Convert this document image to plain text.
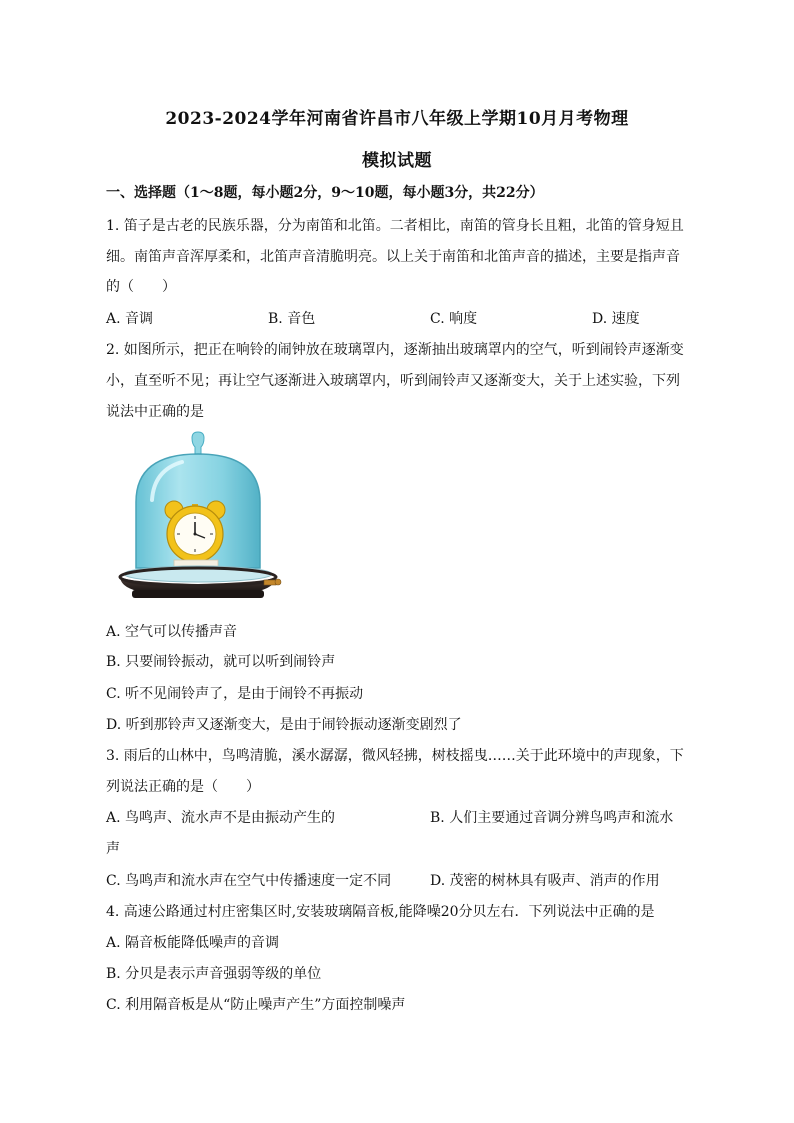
2023-2024学年河南省许昌市八年级上学期10月月考物理
模拟试题
一、选择题（1～8题，每小题2分，9～10题，每小题3分，共22分）
1. 笛子是古老的民族乐器，分为南笛和北笛。二者相比，南笛的管身长且粗，北笛的管身短且
细。南笛声音浑厚柔和，北笛声音清脆明亮。以上关于南笛和北笛声音的描述，主要是指声音
的（　　）
A. 音调	B. 音色	C. 响度	D. 速度
2. 如图所示，把正在响铃的闹钟放在玻璃罩内，逐渐抽出玻璃罩内的空气，听到闹铃声逐渐变
小，直至听不见；再让空气逐渐进入玻璃罩内，听到闹铃声又逐渐变大，关于上述实验，下列
说法中正确的是
A. 空气可以传播声音
B. 只要闹铃振动，就可以听到闹铃声
C. 听不见闹铃声了，是由于闹铃不再振动
D. 听到那铃声又逐渐变大，是由于闹铃振动逐渐变剧烈了
3. 雨后的山林中，鸟鸣清脆，溪水潺潺，微风轻拂，树枝摇曳……关于此环境中的声现象，下
列说法正确的是（　　）
A. 鸟鸣声、流水声不是由振动产生的	B. 人们主要通过音调分辨鸟鸣声和流水
声
C. 鸟鸣声和流水声在空气中传播速度一定不同	D. 茂密的树林具有吸声、消声的作用
4. 高速公路通过村庄密集区时,安装玻璃隔音板,能降噪20分贝左右．下列说法中正确的是
A. 隔音板能降低噪声的音调
B. 分贝是表示声音强弱等级的单位
C. 利用隔音板是从“防止噪声产生”方面控制噪声
